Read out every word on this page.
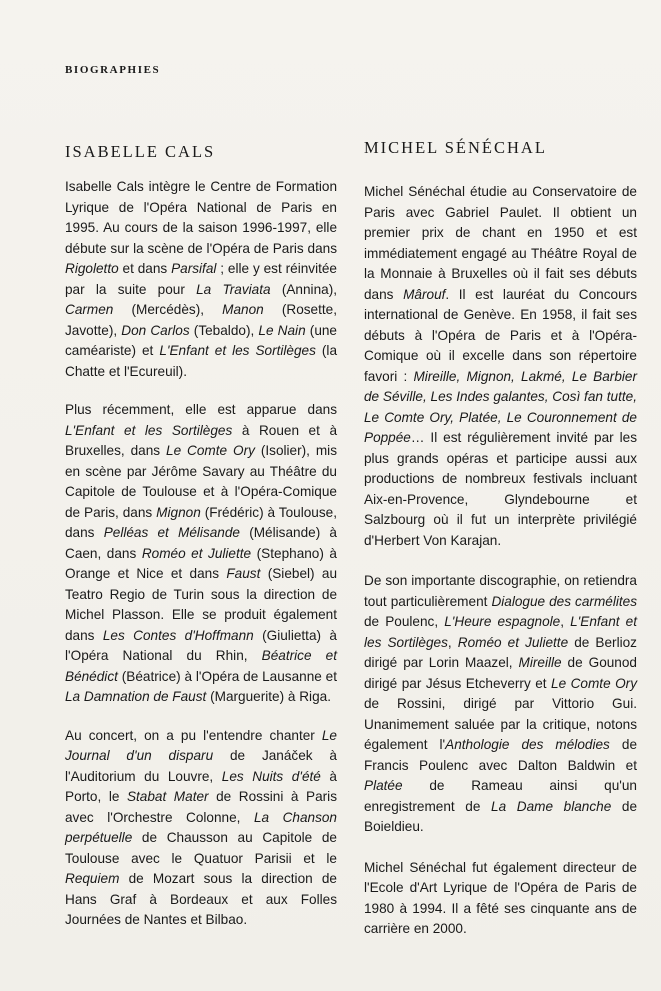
BIOGRAPHIES
ISABELLE CALS

Isabelle Cals intègre le Centre de Formation Lyrique de l'Opéra National de Paris en 1995. Au cours de la saison 1996-1997, elle débute sur la scène de l'Opéra de Paris dans Rigoletto et dans Parsifal ; elle y est réinvitée par la suite pour La Traviata (Annina), Carmen (Mercédès), Manon (Rosette, Javotte), Don Carlos (Tebaldo), Le Nain (une caméariste) et L'Enfant et les Sortilèges (la Chatte et l'Ecureuil).

Plus récemment, elle est apparue dans L'Enfant et les Sortilèges à Rouen et à Bruxelles, dans Le Comte Ory (Isolier), mis en scène par Jérôme Savary au Théâtre du Capitole de Toulouse et à l'Opéra-Comique de Paris, dans Mignon (Frédéric) à Toulouse, dans Pelléas et Mélisande (Mélisande) à Caen, dans Roméo et Juliette (Stephano) à Orange et Nice et dans Faust (Siebel) au Teatro Regio de Turin sous la direction de Michel Plasson. Elle se produit également dans Les Contes d'Hoffmann (Giulietta) à l'Opéra National du Rhin, Béatrice et Bénédict (Béatrice) à l'Opéra de Lausanne et La Damnation de Faust (Marguerite) à Riga.

Au concert, on a pu l'entendre chanter Le Journal d'un disparu de Janáček à l'Auditorium du Louvre, Les Nuits d'été à Porto, le Stabat Mater de Rossini à Paris avec l'Orchestre Colonne, La Chanson perpétuelle de Chausson au Capitole de Toulouse avec le Quatuor Parisii et le Requiem de Mozart sous la direction de Hans Graf à Bordeaux et aux Folles Journées de Nantes et Bilbao.

MICHEL SÉNÉCHAL

Michel Sénéchal étudie au Conservatoire de Paris avec Gabriel Paulet. Il obtient un premier prix de chant en 1950 et est immédiatement engagé au Théâtre Royal de la Monnaie à Bruxelles où il fait ses débuts dans Mârouf. Il est lauréat du Concours international de Genève. En 1958, il fait ses débuts à l'Opéra de Paris et à l'Opéra-Comique où il excelle dans son répertoire favori : Mireille, Mignon, Lakmé, Le Barbier de Séville, Les Indes galantes, Così fan tutte, Le Comte Ory, Platée, Le Couronnement de Poppée… Il est régulièrement invité par les plus grands opéras et participe aussi aux productions de nombreux festivals incluant Aix-en-Provence, Glyndebourne et Salzbourg où il fut un interprète privilégié d'Herbert Von Karajan.

De son importante discographie, on retiendra tout particulièrement Dialogue des carmélites de Poulenc, L'Heure espagnole, L'Enfant et les Sortilèges, Roméo et Juliette de Berlioz dirigé par Lorin Maazel, Mireille de Gounod dirigé par Jésus Etcheverry et Le Comte Ory de Rossini, dirigé par Vittorio Gui. Unanimement saluée par la critique, notons également l'Anthologie des mélodies de Francis Poulenc avec Dalton Baldwin et Platée de Rameau ainsi qu'un enregistrement de La Dame blanche de Boieldieu.

Michel Sénéchal fut également directeur de l'Ecole d'Art Lyrique de l'Opéra de Paris de 1980 à 1994. Il a fêté ses cinquante ans de carrière en 2000.
